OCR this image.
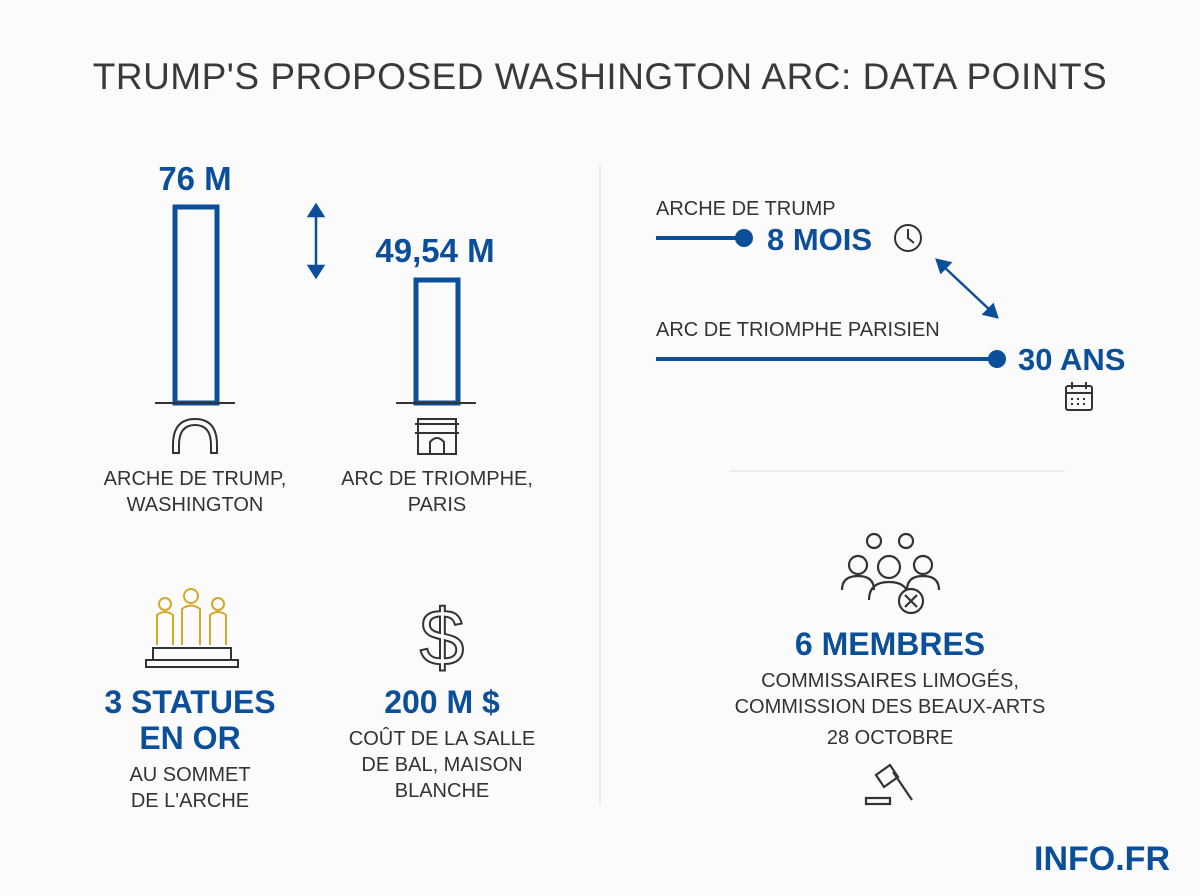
TRUMP'S PROPOSED WASHINGTON ARC: DATA POINTS
76 M
49,54 M
$
ARCHE DE TRUMP,
WASHINGTON
ARC DE TRIOMPHE,
PARIS
ARCHE DE TRUMP
8 MOIS
ARC DE TRIOMPHE PARISIEN
30 ANS
3 STATUES
EN OR
AU SOMMET
DE L'ARCHE
200 M $
COÛT DE LA SALLE
DE BAL, MAISON
BLANCHE
6 MEMBRES
COMMISSAIRES LIMOGÉS,
COMMISSION DES BEAUX-ARTS
28 OCTOBRE
INFO.FR
